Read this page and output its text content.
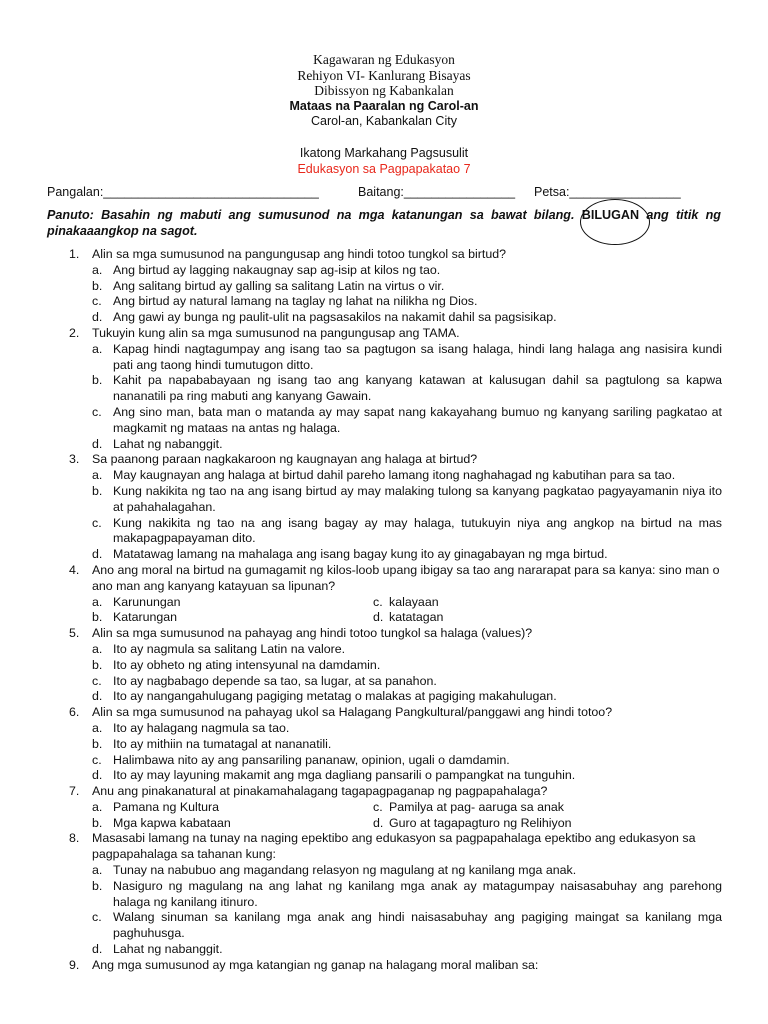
Kagawaran ng Edukasyon
Rehiyon VI- Kanlurang Bisayas
Dibissyon ng Kabankalan
Mataas na Paaralan ng Carol-an
Carol-an, Kabankalan City
Ikatong Markahang Pagsusulit
Edukasyon sa Pagpapakatao 7
Pangalan:_______________________________	Baitang:________________ Petsa:________________
Panuto: Basahin ng mabuti ang sumusunod na mga katanungan sa bawat bilang. BILUGAN ang titik ng pinakaaangkop na sagot.
1. Alin sa mga sumusunod na pangungusap ang hindi totoo tungkol sa birtud?
a. Ang birtud ay lagging nakaugnay sap ag-isip at kilos ng tao.
b. Ang salitang birtud ay galling sa salitang Latin na virtus o vir.
c. Ang birtud ay natural lamang na taglay ng lahat na nilikha ng Dios.
d. Ang gawi ay bunga ng paulit-ulit na pagsasakilos na nakamit dahil sa pagsisikap.
2. Tukuyin kung alin sa mga sumusunod na pangungusap ang TAMA.
a. Kapag hindi nagtagumpay ang isang tao sa pagtugon sa isang halaga, hindi lang halaga ang nasisira kundi pati ang taong hindi tumutugon ditto.
b. Kahit pa napababayaan ng isang tao ang kanyang katawan at kalusugan dahil sa pagtulong sa kapwa nananatili pa ring mabuti ang kanyang Gawain.
c. Ang sino man, bata man o matanda ay may sapat nang kakayahang bumuo ng kanyang sariling pagkatao at magkamit ng mataas na antas ng halaga.
d. Lahat ng nabanggit.
3. Sa paanong paraan nagkakaroon ng kaugnayan ang halaga at birtud?
a. May kaugnayan ang halaga at birtud dahil pareho lamang itong naghahagad ng kabutihan para sa tao.
b. Kung nakikita ng tao na ang isang birtud ay may malaking tulong sa kanyang pagkatao pagyayamanin niya ito at pahahalagahan.
c. Kung nakikita ng tao na ang isang bagay ay may halaga, tutukuyin niya ang angkop na birtud na mas makapagpapayaman dito.
d. Matatawag lamang na mahalaga ang isang bagay kung ito ay ginagabayan ng mga birtud.
4. Ano ang moral na birtud na gumagamit ng kilos-loob upang ibigay sa tao ang nararapat para sa kanya: sino man o ano man ang kanyang katayuan sa lipunan?
a. Karunungan	c. kalayaan
b. Katarungan	d. katatagan
5. Alin sa mga sumusunod na pahayag ang hindi totoo tungkol sa halaga (values)?
a. Ito ay nagmula sa salitang Latin na valore.
b. Ito ay obheto ng ating intensyunal na damdamin.
c. Ito ay nagbabago depende sa tao, sa lugar, at sa panahon.
d. Ito ay nangangahulugang pagiging metatag o malakas at pagiging makahulugan.
6. Alin sa mga sumusunod na pahayag ukol sa Halagang Pangkultural/panggawi ang hindi totoo?
a. Ito ay halagang nagmula sa tao.
b. Ito ay mithiin na tumatagal at nananatili.
c. Halimbawa nito ay ang pansariling pananaw, opinion, ugali o damdamin.
d. Ito ay may layuning makamit ang mga dagliang pansarili o pampangkat na tunguhin.
7. Anu ang pinakanatural at pinakamahalagang tagapagpaganap ng pagpapahalaga?
a. Pamana ng Kultura	c. Pamilya at pag- aaruga sa anak
b. Mga kapwa kabataan	d. Guro at tagapagturo ng Relihiyon
8. Masasabi lamang na tunay na naging epektibo ang edukasyon sa pagpapahalaga epektibo ang edukasyon sa pagpapahalaga sa tahanan kung:
a. Tunay na nabubuo ang magandang relasyon ng magulang at ng kanilang mga anak.
b. Nasiguro ng magulang na ang lahat ng kanilang mga anak ay matagumpay naisasabuhay ang parehong halaga ng kanilang itinuro.
c. Walang sinuman sa kanilang mga anak ang hindi naisasabuhay ang pagiging maingat sa kanilang mga paghuhusga.
d. Lahat ng nabanggit.
9. Ang mga sumusunod ay mga katangian ng ganap na halagang moral maliban sa:
